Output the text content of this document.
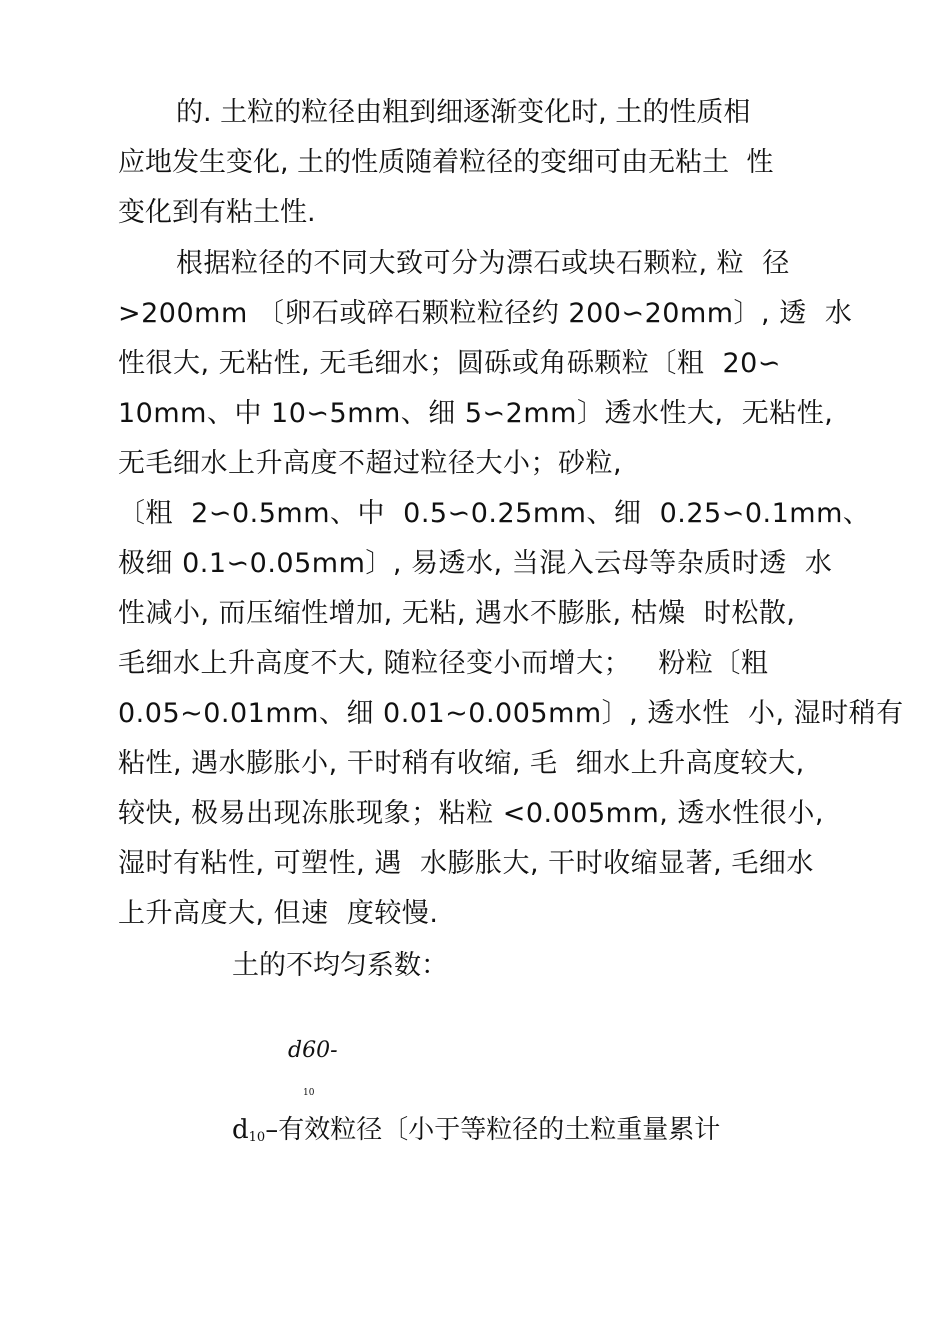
的. 土粒的粒径由粗到细逐渐变化时, 土的性质相
应地发生变化, 土的性质随着粒径的变细可由无粘土  性
变化到有粘土性.
根据粒径的不同大致可分为漂石或块石颗粒, 粒  径
>200mm 〔卵石或碎石颗粒粒径约 200∽20mm〕, 透  水
性很大, 无粘性, 无毛细水；圆砾或角砾颗粒〔粗  20∽
10mm、中 10∽5mm、细 5∽2mm〕透水性大,  无粘性,
无毛细水上升高度不超过粒径大小；砂粒,
〔粗  2∽0.5mm、中  0.5∽0.25mm、细  0.25∽0.1mm、
极细 0.1∽0.05mm〕, 易透水, 当混入云母等杂质时透  水
性减小, 而压缩性增加, 无粘, 遇水不膨胀, 枯燥  时松散,
毛细水上升高度不大, 随粒径变小而增大；   粉粒〔粗
0.05~0.01mm、细 0.01~0.005mm〕, 透水性  小, 湿时稍有
粘性, 遇水膨胀小, 干时稍有收缩, 毛  细水上升高度较大,
较快, 极易出现冻胀现象；粘粒 <0.005mm, 透水性很小,
湿时有粘性, 可塑性, 遇  水膨胀大, 干时收缩显著, 毛细水
上升高度大, 但速  度较慢.
土的不均匀系数：
d60-
10
d10–有效粒径〔小于等粒径的土粒重量累计
